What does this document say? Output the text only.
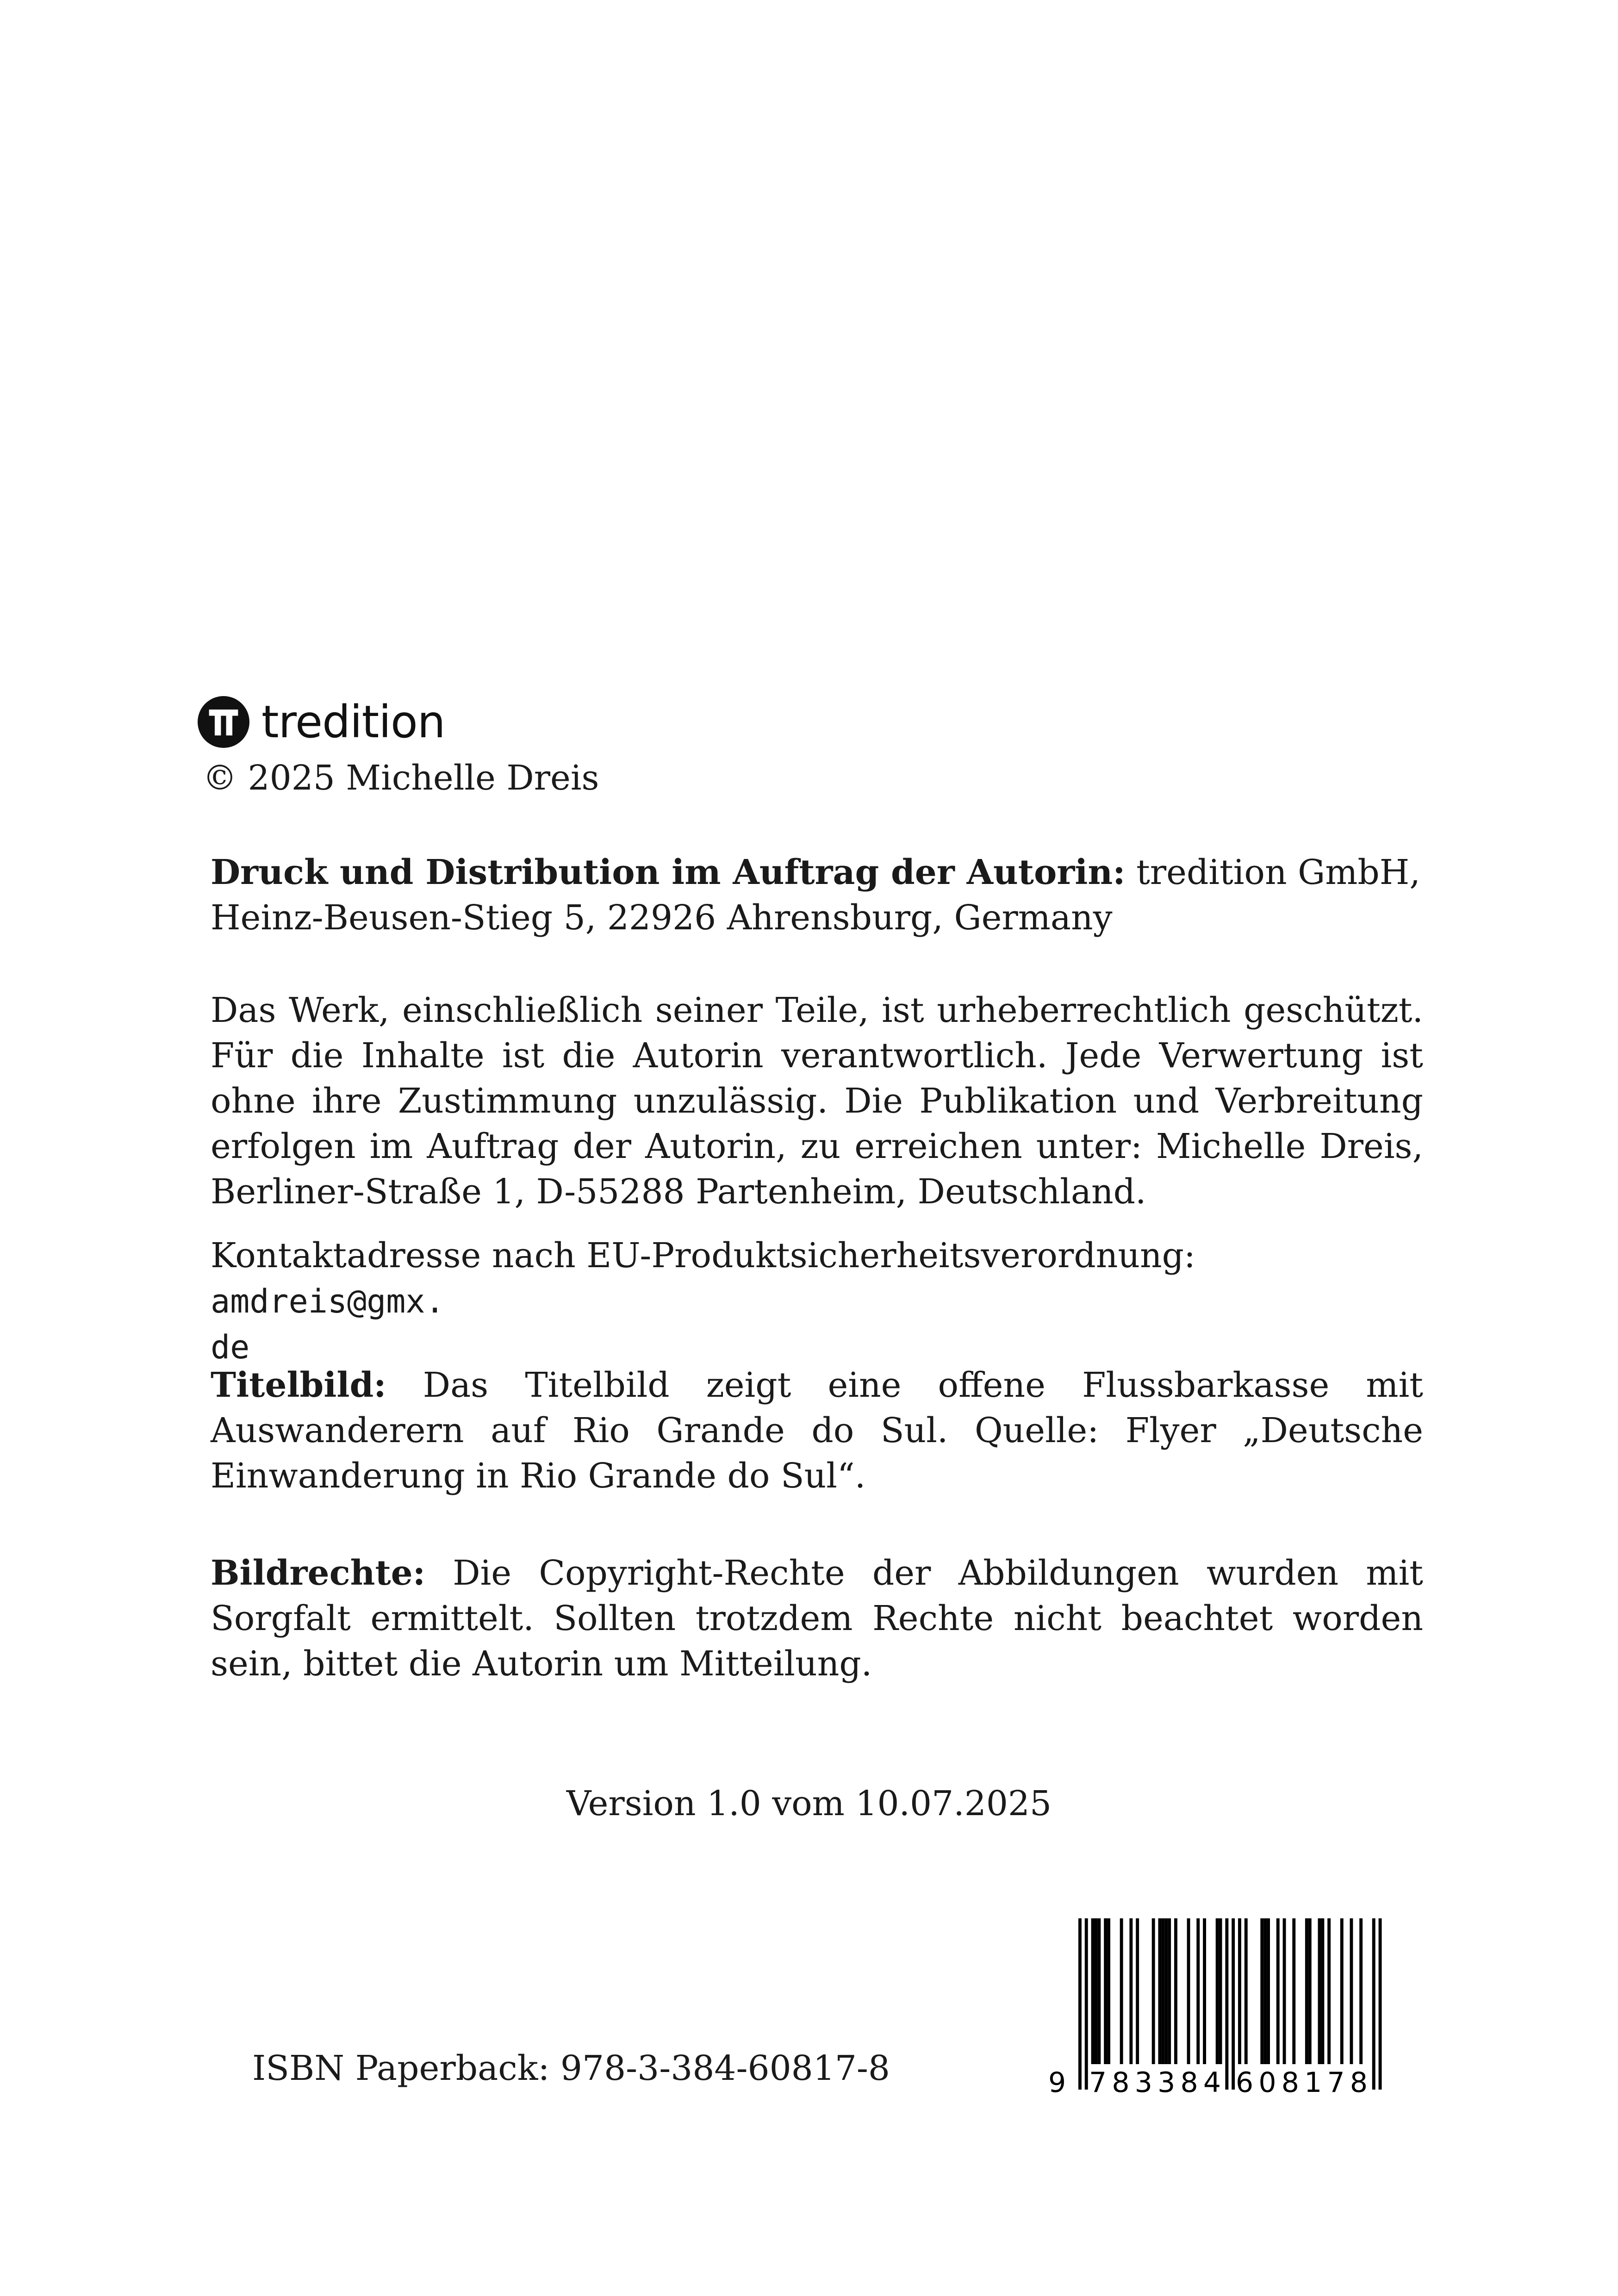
tredition
© 2025 Michelle Dreis
Druck und Distribution im Auftrag der Autorin: tredition GmbH, Heinz-Beusen-Stieg 5, 22926 Ahrensburg, Germany
Das Werk, einschließlich seiner Teile, ist urheberrechtlich geschützt. Für die Inhalte ist die Autorin verantwortlich. Jede Verwertung ist ohne ihre Zustimmung unzulässig. Die Publikation und Verbreitung erfolgen im Auftrag der Autorin, zu erreichen unter: Michelle Dreis, Berliner-Straße 1, D-55288 Partenheim, Deutschland.
Kontaktadresse nach EU-Produktsicherheitsverordnung: amdreis@gmx.
de
Titelbild: Das Titelbild zeigt eine offene Flussbarkasse mit Auswanderern auf Rio Grande do Sul. Quelle: Flyer „Deutsche Einwanderung in Rio Grande do Sul“.
Bildrechte: Die Copyright-Rechte der Abbildungen wurden mit Sorgfalt ermittelt. Sollten trotzdem Rechte nicht beachtet worden sein, bittet die Autorin um Mitteilung.
Version 1.0 vom 10.07.2025
ISBN Paperback: 978-3-384-60817-8	9 783384 608178
